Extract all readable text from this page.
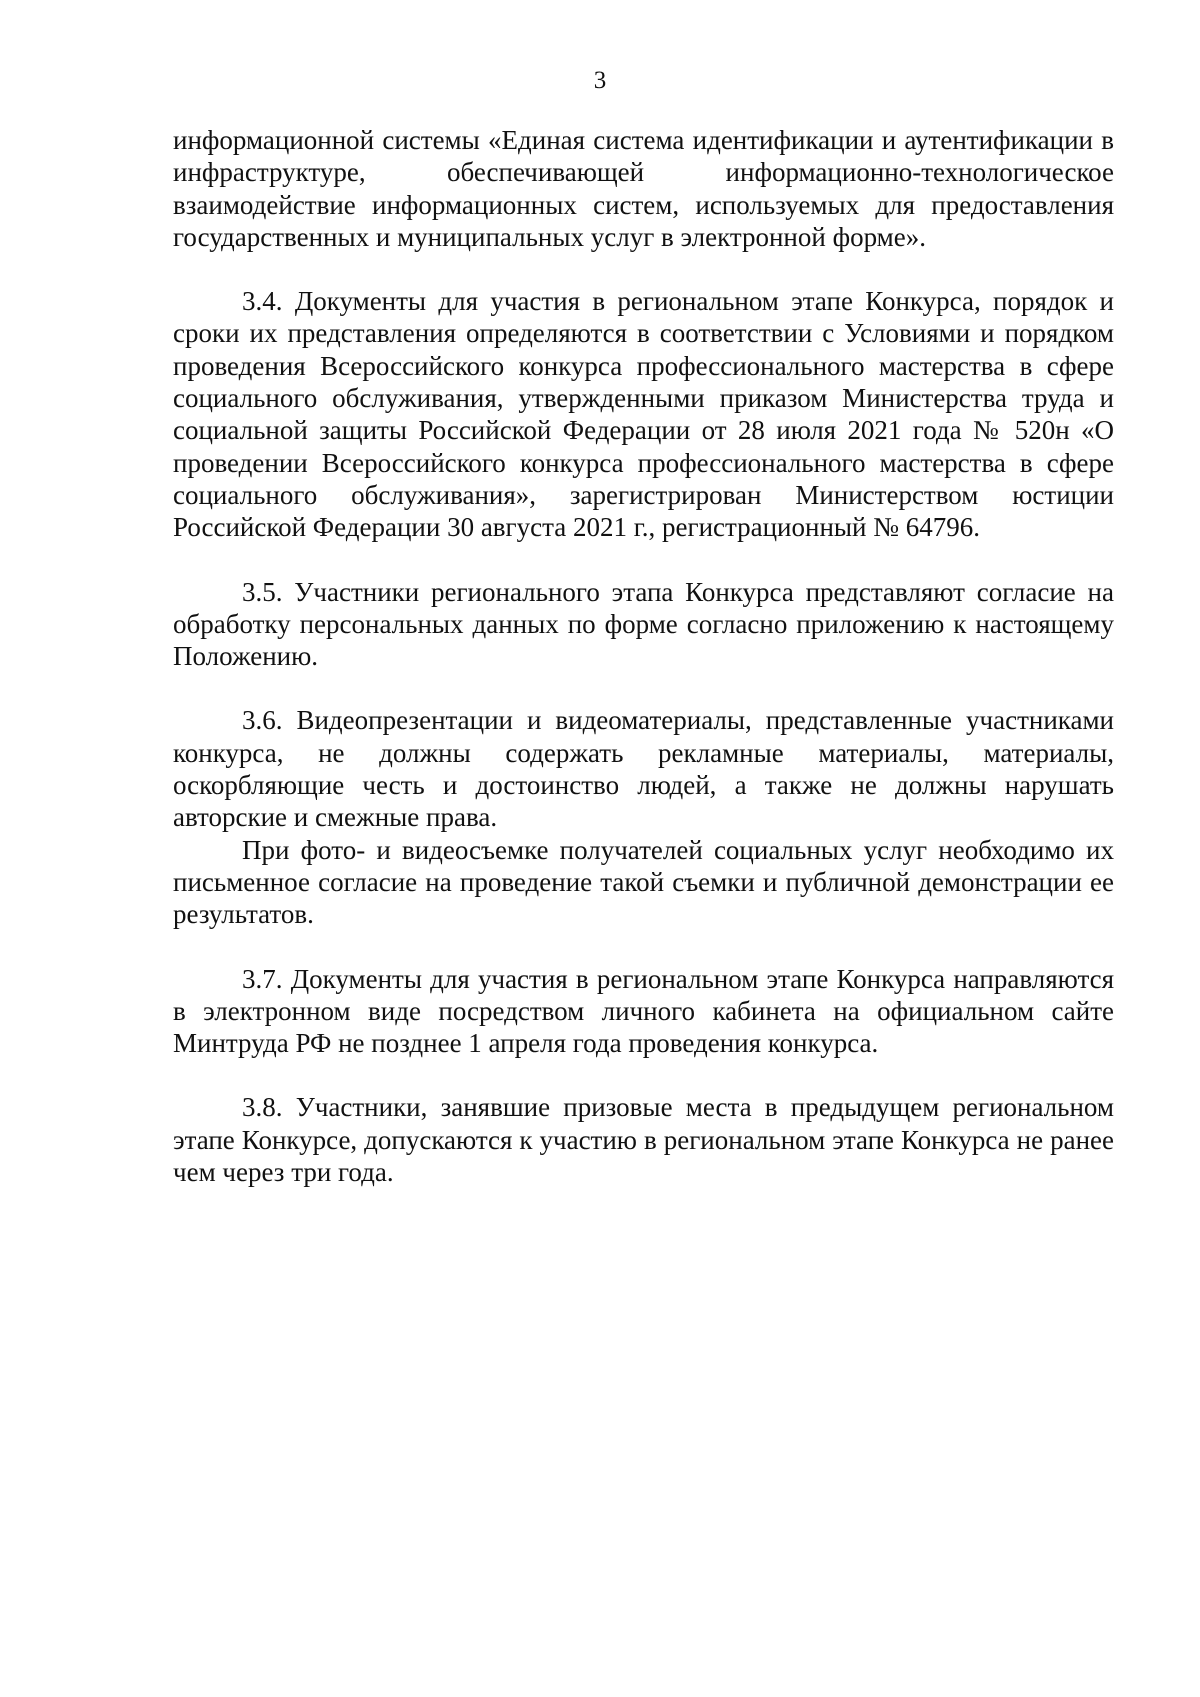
3

информационной системы «Единая система идентификации и аутентификации в инфраструктуре, обеспечивающей информационно-технологическое взаимодействие информационных систем, используемых для предоставления государственных и муниципальных услуг в электронной форме».

3.4. Документы для участия в региональном этапе Конкурса, порядок и сроки их представления определяются в соответствии с Условиями и порядком проведения Всероссийского конкурса профессионального мастерства в сфере социального обслуживания, утвержденными приказом Министерства труда и социальной защиты Российской Федерации от 28 июля 2021 года № 520н «О проведении Всероссийского конкурса профессионального мастерства в сфере социального обслуживания», зарегистрирован Министерством юстиции Российской Федерации 30 августа 2021 г., регистрационный № 64796.

3.5. Участники регионального этапа Конкурса представляют согласие на обработку персональных данных по форме согласно приложению к настоящему Положению.

3.6. Видеопрезентации и видеоматериалы, представленные участниками конкурса, не должны содержать рекламные материалы, материалы, оскорбляющие честь и достоинство людей, а также не должны нарушать авторские и смежные права.

При фото- и видеосъемке получателей социальных услуг необходимо их письменное согласие на проведение такой съемки и публичной демонстрации ее результатов.

3.7. Документы для участия в региональном этапе Конкурса направляются в электронном виде посредством личного кабинета на официальном сайте Минтруда РФ не позднее 1 апреля года проведения конкурса.

3.8. Участники, занявшие призовые места в предыдущем региональном этапе Конкурсе, допускаются к участию в региональном этапе Конкурса не ранее чем через три года.
